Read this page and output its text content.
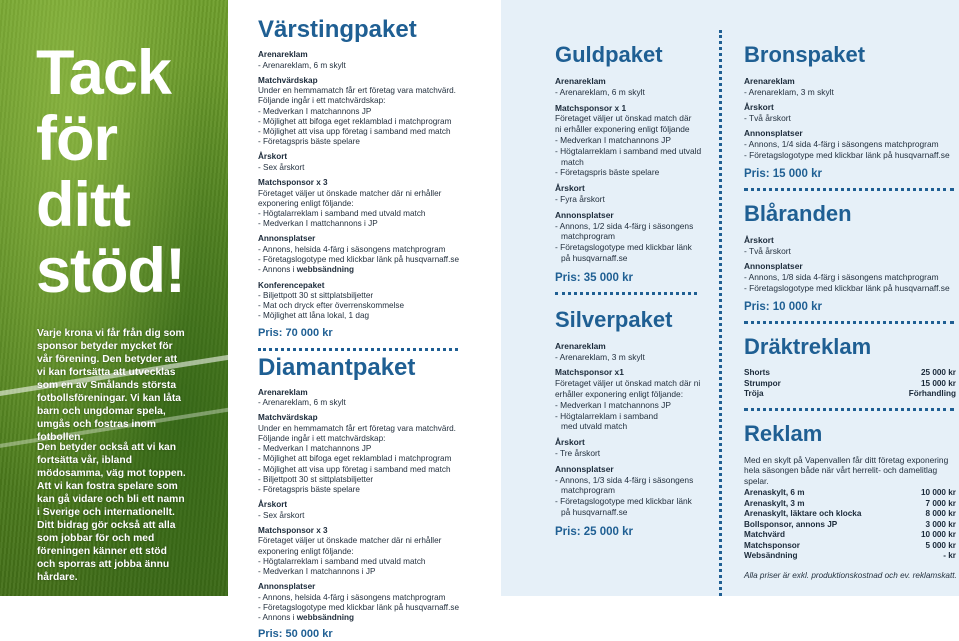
Tack
för
ditt
stöd!
Varje krona vi får från dig som sponsor betyder mycket för vår förening. Den betyder att vi kan fortsätta att utvecklas som en av Smålands största fotbollsföreningar. Vi kan låta barn och ungdomar spela, umgås och fostras inom fotbollen.
Den betyder också att vi kan fortsätta vår, ibland mödosamma, väg mot toppen. Att vi kan fostra spelare som kan gå vidare och bli ett namn i Sverige och internationellt. Ditt bidrag gör också att alla som jobbar för och med föreningen känner ett stöd och sporras att jobba ännu hårdare.
Värstingpaket
Arenareklam
- Arenareklam, 6 m skylt
Matchvärdskap
Under en hemmamatch får ert företag vara matchvärd.
Följande ingår i ett matchvärdskap:
- Medverkan I matchannons JP
- Möjlighet att bifoga eget reklamblad i matchprogram
- Möjlighet att visa upp företag i samband med match
- Företagspris bäste spelare
Årskort
- Sex årskort
Matchsponsor x 3
Företaget väljer ut önskade matcher där ni erhåller
exponering enligt följande:
- Högtalarreklam i samband med utvald match
- Medverkan I mattchannons i JP
Annonsplatser
- Annons, helsida 4-färg i säsongens matchprogram
- Företagslogotype med klickbar länk på husqvarnaff.se
- Annons i webbsändning
Konferencepaket
- Biljettpott 30 st sittplatsbiljetter
- Mat och dryck efter överrenskommelse
- Möjlighet att låna lokal, 1 dag
Pris: 70 000 kr
Diamantpaket
Arenareklam
- Arenareklam, 6 m skylt
Matchvärdskap
Under en hemmamatch får ert företag vara matchvärd.
Följande ingår i ett matchvärdskap:
- Medverkan I matchannons JP
- Möjlighet att bifoga eget reklamblad i matchprogram
- Möjlighet att visa upp företag i samband med match
- Biljettpott 30 st sittplatsbiljetter
- Företagspris bäste spelare
Årskort
- Sex årskort
Matchsponsor x 3
Företaget väljer ut önskade matcher där ni erhåller
exponering enligt följande:
- Högtalarreklam i samband med utvald match
- Medverkan I matchannons i JP
Annonsplatser
- Annons, helsida 4-färg i säsongens matchprogram
- Företagslogotype med klickbar länk på husqvarnaff.se
- Annons i webbsändning
Pris: 50 000 kr
Guldpaket
Arenareklam
- Arenareklam, 6 m skylt
Matchsponsor x 1
Företaget väljer ut önskad match där
ni erhåller exponering enligt följande
- Medverkan I matchannons JP
- Högtalarreklam i samband med utvald
match
- Företagspris bäste spelare
Årskort
- Fyra årskort
Annonsplatser
- Annons, 1/2 sida 4-färg i säsongens
matchprogram
- Företagslogotype med klickbar länk
på husqvarnaff.se
Pris: 35 000 kr
Silverpaket
Arenareklam
- Arenareklam, 3 m skylt
Matchsponsor x1
Företaget väljer ut önskad match där ni
erhåller exponering enligt följande:
- Medverkan I matchannons JP
- Högtalarreklam i samband
med utvald match
Årskort
- Tre årskort
Annonsplatser
- Annons, 1/3 sida 4-färg i säsongens
matchprogram
- Företagslogotype med klickbar länk
på husqvarnaff.se
Pris: 25 000 kr
Bronspaket
Arenareklam
- Arenareklam, 3 m skylt
Årskort
- Två årskort
Annonsplatser
- Annons, 1/4 sida 4-färg i säsongens matchprogram
- Företagslogotype med klickbar länk på husqvarnaff.se
Pris: 15 000 kr
Blåranden
Årskort
- Två årskort
Annonsplatser
- Annons, 1/8 sida 4-färg i säsongens matchprogram
- Företagslogotype med klickbar länk på husqvarnaff.se
Pris: 10 000 kr
Dräktreklam
Shorts	25 000 kr
Strumpor	15 000 kr
Tröja	Förhandling
Reklam
Med en skylt på Vapenvallen får ditt företag exponering hela säsongen både när vårt herrelit- och damelitlag spelar.
Arenaskylt, 6 m	10 000 kr
Arenaskylt, 3 m	7 000 kr
Arenaskylt, läktare och klocka	8 000 kr
Bollsponsor, annons JP	3 000 kr
Matchvärd	10 000 kr
Matchsponsor	5 000 kr
Websändning	- kr
Alla priser är exkl. produktionskostnad och ev. reklamskatt.
